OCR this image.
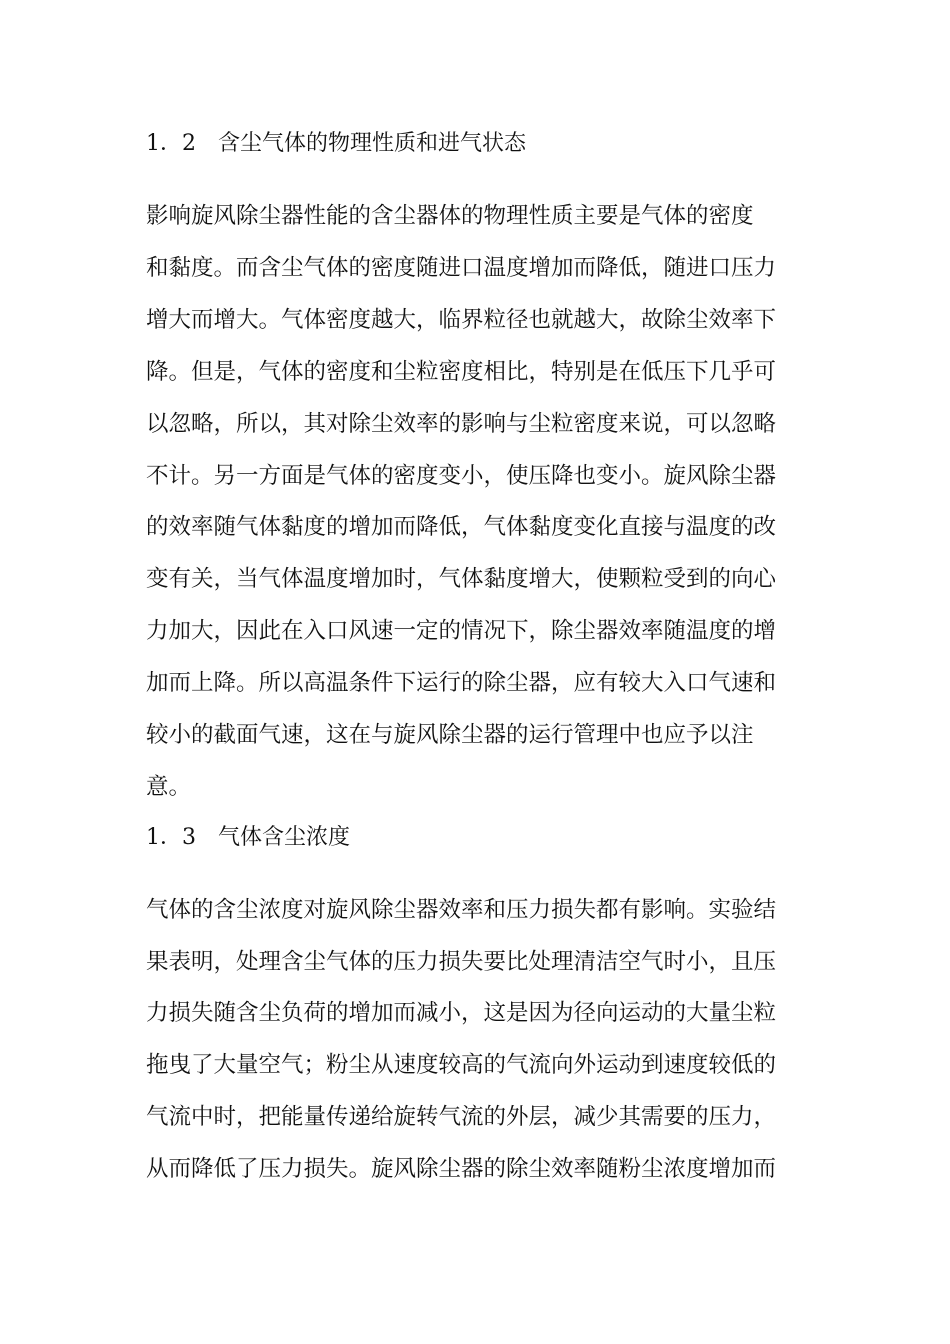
1．2　含尘气体的物理性质和进气状态
影响旋风除尘器性能的含尘器体的物理性质主要是气体的密度
和黏度。而含尘气体的密度随进口温度增加而降低，随进口压力
增大而增大。气体密度越大，临界粒径也就越大，故除尘效率下
降。但是，气体的密度和尘粒密度相比，特别是在低压下几乎可
以忽略，所以，其对除尘效率的影响与尘粒密度来说，可以忽略
不计。另一方面是气体的密度变小，使压降也变小。旋风除尘器
的效率随气体黏度的增加而降低，气体黏度变化直接与温度的改
变有关，当气体温度增加时，气体黏度增大，使颗粒受到的向心
力加大，因此在入口风速一定的情况下，除尘器效率随温度的增
加而上降。所以高温条件下运行的除尘器，应有较大入口气速和
较小的截面气速，这在与旋风除尘器的运行管理中也应予以注
意。
1．3　气体含尘浓度
气体的含尘浓度对旋风除尘器效率和压力损失都有影响。实验结
果表明，处理含尘气体的压力损失要比处理清洁空气时小，且压
力损失随含尘负荷的增加而减小，这是因为径向运动的大量尘粒
拖曳了大量空气；粉尘从速度较高的气流向外运动到速度较低的
气流中时，把能量传递给旋转气流的外层，减少其需要的压力，
从而降低了压力损失。旋风除尘器的除尘效率随粉尘浓度增加而
